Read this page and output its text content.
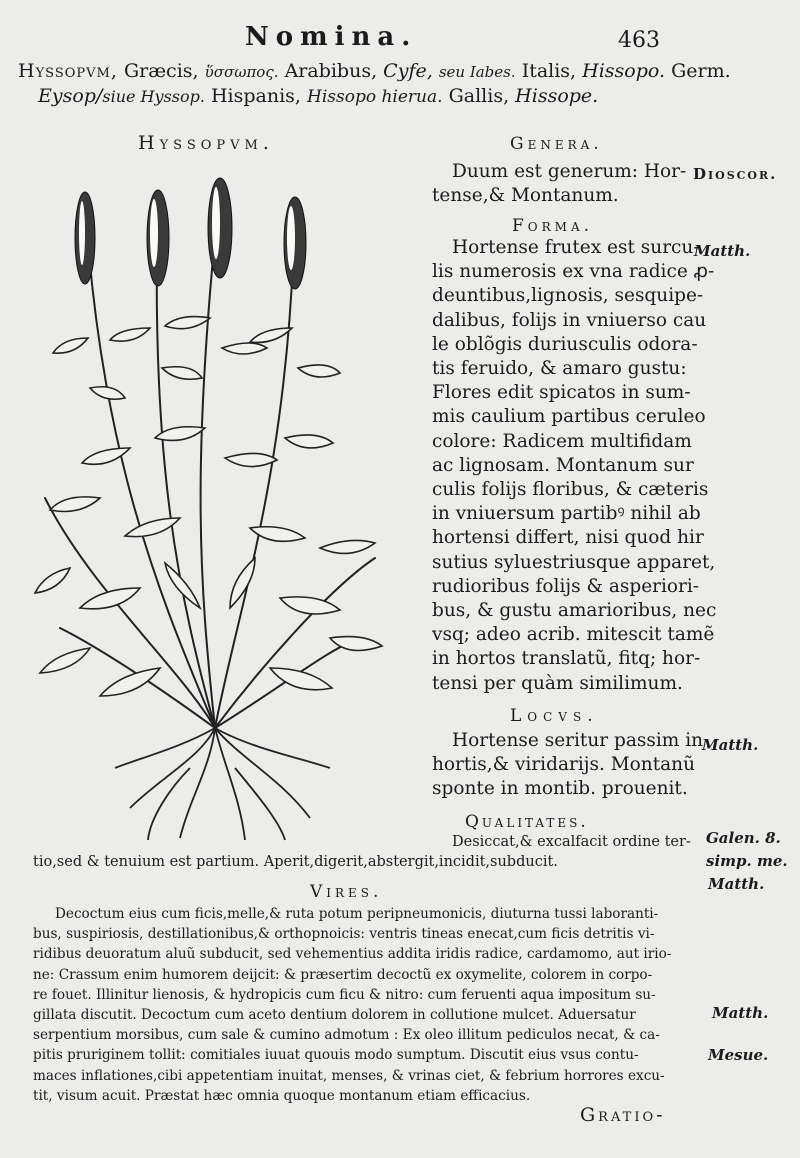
Nomina.	463
Hyssopvm, Græcis, ὕσσωπος. Arabibus, Cyfe, seu Iabes. Italis, Hissopo. Germ.
Eysop/siue Hyssop. Hispanis, Hissopo hierua. Gallis, Hissope.
Hyssopvm.	Genera.
Duum est generum: Hor-
tense,& Montanum.
Dioscor.
Forma.
Hortense frutex est surcu-
lis numerosis ex vna radice ꝓ-
deuntibus,lignosis, sesquipe-
dalibus, folijs in vniuerso cau
le oblõgis duriusculis odora-
tis feruido, & amaro gustu:
Flores edit spicatos in sum-
mis caulium partibus ceruleo
colore: Radicem multifidam
ac lignosam. Montanum sur
culis folijs floribus, & cæteris
in vniuersum partibꝰ nihil ab
hortensi differt, nisi quod hir
sutius syluestriusque apparet,
rudioribus folijs & asperiori-
bus, & gustu amarioribus, nec
vsq; adeo acrib. mitescit tamẽ
in hortos translatũ, fitq; hor-
tensi per quàm similimum.
Matth.
Locvs.
Hortense seritur passim in
hortis,& viridarijs. Montanũ
sponte in montib. prouenit.
Matth.
Qualitates.
Desiccat,& excalfacit ordine ter-
tio,sed & tenuium est partium. Aperit,digerit,abstergit,incidit,subducit.
Galen. 8.
simp. me.
Matth.
Vires.
Decoctum eius cum ficis,melle,& ruta potum peripneumonicis, diuturna tussi laboranti-
bus, suspiriosis, destillationibus,& orthopnoicis: ventris tineas enecat,cum ficis detritis vi-
ridibus deuoratum aluũ subducit, sed vehementius addita iridis radice, cardamomo, aut irio-
ne: Crassum enim humorem deijcit: & præsertim decoctũ ex oxymelite, colorem in corpo-
re fouet. Illinitur lienosis, & hydropicis cum ficu & nitro: cum feruenti aqua impositum su-
gillata discutit. Decoctum cum aceto dentium dolorem in collutione mulcet. Aduersatur
serpentium morsibus, cum sale & cumino admotum : Ex oleo illitum pediculos necat, & ca-
pitis pruriginem tollit: comitiales iuuat quouis modo sumptum. Discutit eius vsus contu-
maces inflationes,cibi appetentiam inuitat, menses, & vrinas ciet, & febrium horrores excu-
tit, visum acuit. Præstat hæc omnia quoque montanum etiam efficacius.
Matth.
Mesue.
Gratio-
